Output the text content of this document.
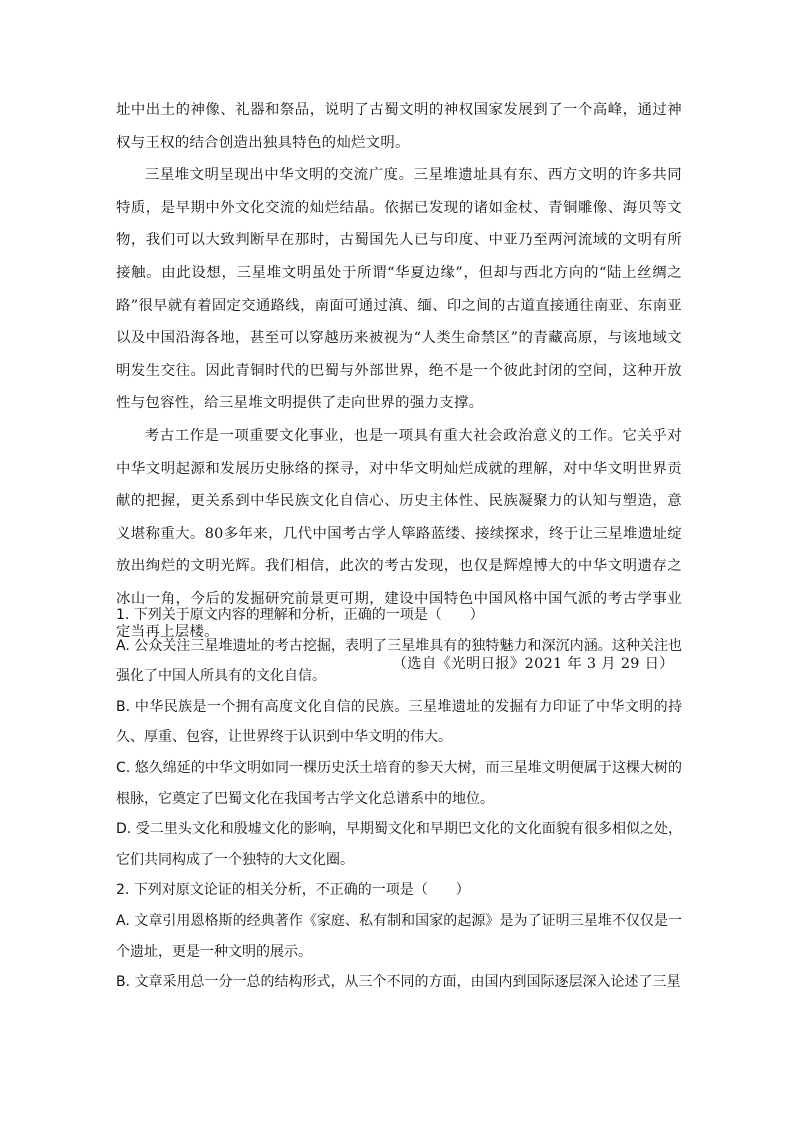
址中出土的神像、礼器和祭品，说明了古蜀文明的神权国家发展到了一个高峰，通过神权与王权的结合创造出独具特色的灿烂文明。

三星堆文明呈现出中华文明的交流广度。三星堆遗址具有东、西方文明的许多共同特质，是早期中外文化交流的灿烂结晶。依据已发现的诸如金杖、青铜雕像、海贝等文物，我们可以大致判断早在那时，古蜀国先人已与印度、中亚乃至两河流域的文明有所接触。由此设想，三星堆文明虽处于所谓“华夏边缘”，但却与西北方向的“陆上丝绸之路”很早就有着固定交通路线，南面可通过滇、缅、印之间的古道直接通往南亚、东南亚以及中国沿海各地，甚至可以穿越历来被视为“人类生命禁区”的青藏高原，与该地域文明发生交往。因此青铜时代的巴蜀与外部世界，绝不是一个彼此封闭的空间，这种开放性与包容性，给三星堆文明提供了走向世界的强力支撑。

考古工作是一项重要文化事业，也是一项具有重大社会政治意义的工作。它关乎对中华文明起源和发展历史脉络的探寻，对中华文明灿烂成就的理解，对中华文明世界贡献的把握，更关系到中华民族文化自信心、历史主体性、民族凝聚力的认知与塑造，意义堪称重大。80多年来，几代中国考古学人筚路蓝缕、接续探求，终于让三星堆遗址绽放出绚烂的文明光辉。我们相信，此次的考古发现，也仅是辉煌博大的中华文明遗存之冰山一角，今后的发掘研究前景更可期，建设中国特色中国风格中国气派的考古学事业定当再上层楼。

（选自《光明日报》2021 年 3 月 29 日）

1. 下列关于原文内容的理解和分析，正确的一项是（　　）

A. 公众关注三星堆遗址的考古挖掘，表明了三星堆具有的独特魅力和深沉内涵。这种关注也强化了中国人所具有的文化自信。

B. 中华民族是一个拥有高度文化自信的民族。三星堆遗址的发掘有力印证了中华文明的持久、厚重、包容，让世界终于认识到中华文明的伟大。

C. 悠久绵延的中华文明如同一棵历史沃土培育的参天大树，而三星堆文明便属于这棵大树的根脉，它奠定了巴蜀文化在我国考古学文化总谱系中的地位。

D. 受二里头文化和殷墟文化的影响，早期蜀文化和早期巴文化的文化面貌有很多相似之处，它们共同构成了一个独特的大文化圈。

2. 下列对原文论证的相关分析，不正确的一项是（　　）

A. 文章引用恩格斯的经典著作《家庭、私有制和国家的起源》是为了证明三星堆不仅仅是一个遗址，更是一种文明的展示。

B. 文章采用总一分一总的结构形式，从三个不同的方面，由国内到国际逐层深入论述了三星
